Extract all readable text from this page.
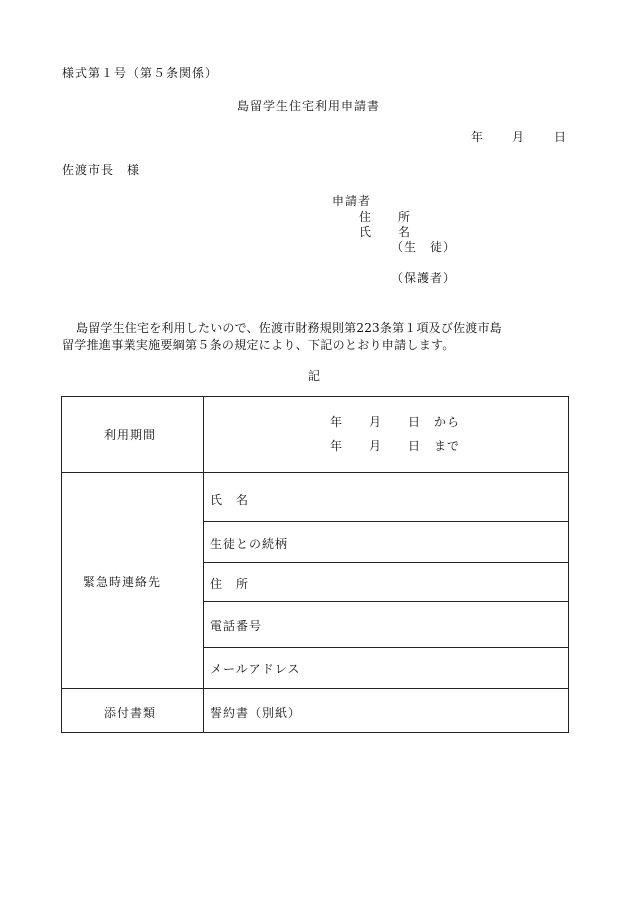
様式第１号（第５条関係）
島留学生住宅利用申請書
年 月 日
佐渡市長　様
申請者
住　　所
氏　　名
（生　徒）
（保護者）
島留学生住宅を利用したいので、佐渡市財務規則第223条第１項及び佐渡市島
留学推進事業実施要綱第５条の規定により、下記のとおり申請します。
記
利用期間
年　　月　　日　から
年　　月　　日　まで
緊急時連絡先
氏　名
生徒との続柄
住　所
電話番号
メールアドレス
添付書類	誓約書（別紙）
